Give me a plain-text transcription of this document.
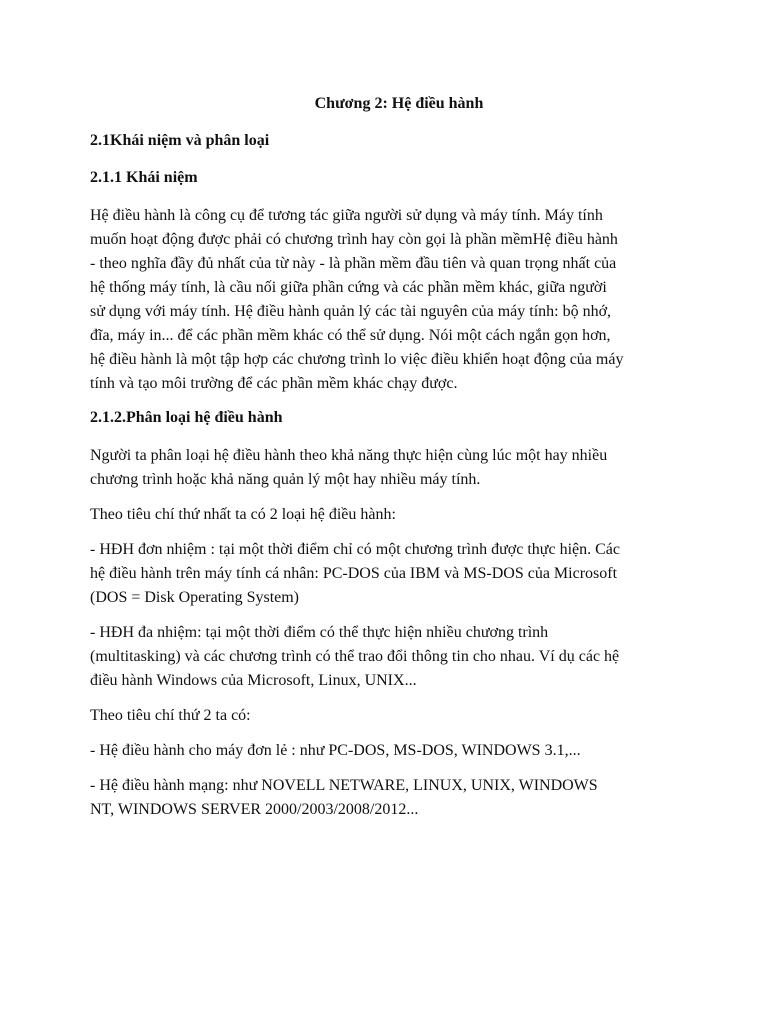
Chương 2: Hệ điều hành
2.1Khái niệm và phân loại
2.1.1 Khái niệm
Hệ điều hành là công cụ để tương tác giữa người sử dụng và máy tính. Máy tính
muốn hoạt động được phải có chương trình hay còn gọi là phần mềmHệ điều hành
- theo nghĩa đầy đủ nhất của từ này - là phần mềm đầu tiên và quan trọng nhất của
hệ thống máy tính, là cầu nối giữa phần cứng và các phần mềm khác, giữa người
sử dụng với máy tính. Hệ điều hành quản lý các tài nguyên của máy tính: bộ nhớ,
đĩa, máy in... để các phần mềm khác có thể sử dụng. Nói một cách ngắn gọn hơn,
hệ điều hành là một tập hợp các chương trình lo việc điều khiển hoạt động của máy
tính và tạo môi trường để các phần mềm khác chạy được.
2.1.2.Phân loại hệ điều hành
Người ta phân loại hệ điều hành theo khả năng thực hiện cùng lúc một hay nhiều
chương trình hoặc khả năng quản lý một hay nhiều máy tính.
Theo tiêu chí thứ nhất ta có 2 loại hệ điều hành:
- HĐH đơn nhiệm : tại một thời điểm chỉ có một chương trình được thực hiện. Các
hệ điều hành trên máy tính cá nhân: PC-DOS của IBM và MS-DOS của Microsoft
(DOS = Disk Operating System)
- HĐH đa nhiệm: tại một thời điểm có thể thực hiện nhiều chương trình
(multitasking) và các chương trình có thể trao đổi thông tin cho nhau. Ví dụ các hệ
điều hành Windows của Microsoft, Linux, UNIX...
Theo tiêu chí thứ 2 ta có:
- Hệ điều hành cho máy đơn lẻ : như PC-DOS, MS-DOS, WINDOWS 3.1,...
- Hệ điều hành mạng: như NOVELL NETWARE, LINUX, UNIX, WINDOWS
NT, WINDOWS SERVER 2000/2003/2008/2012...
